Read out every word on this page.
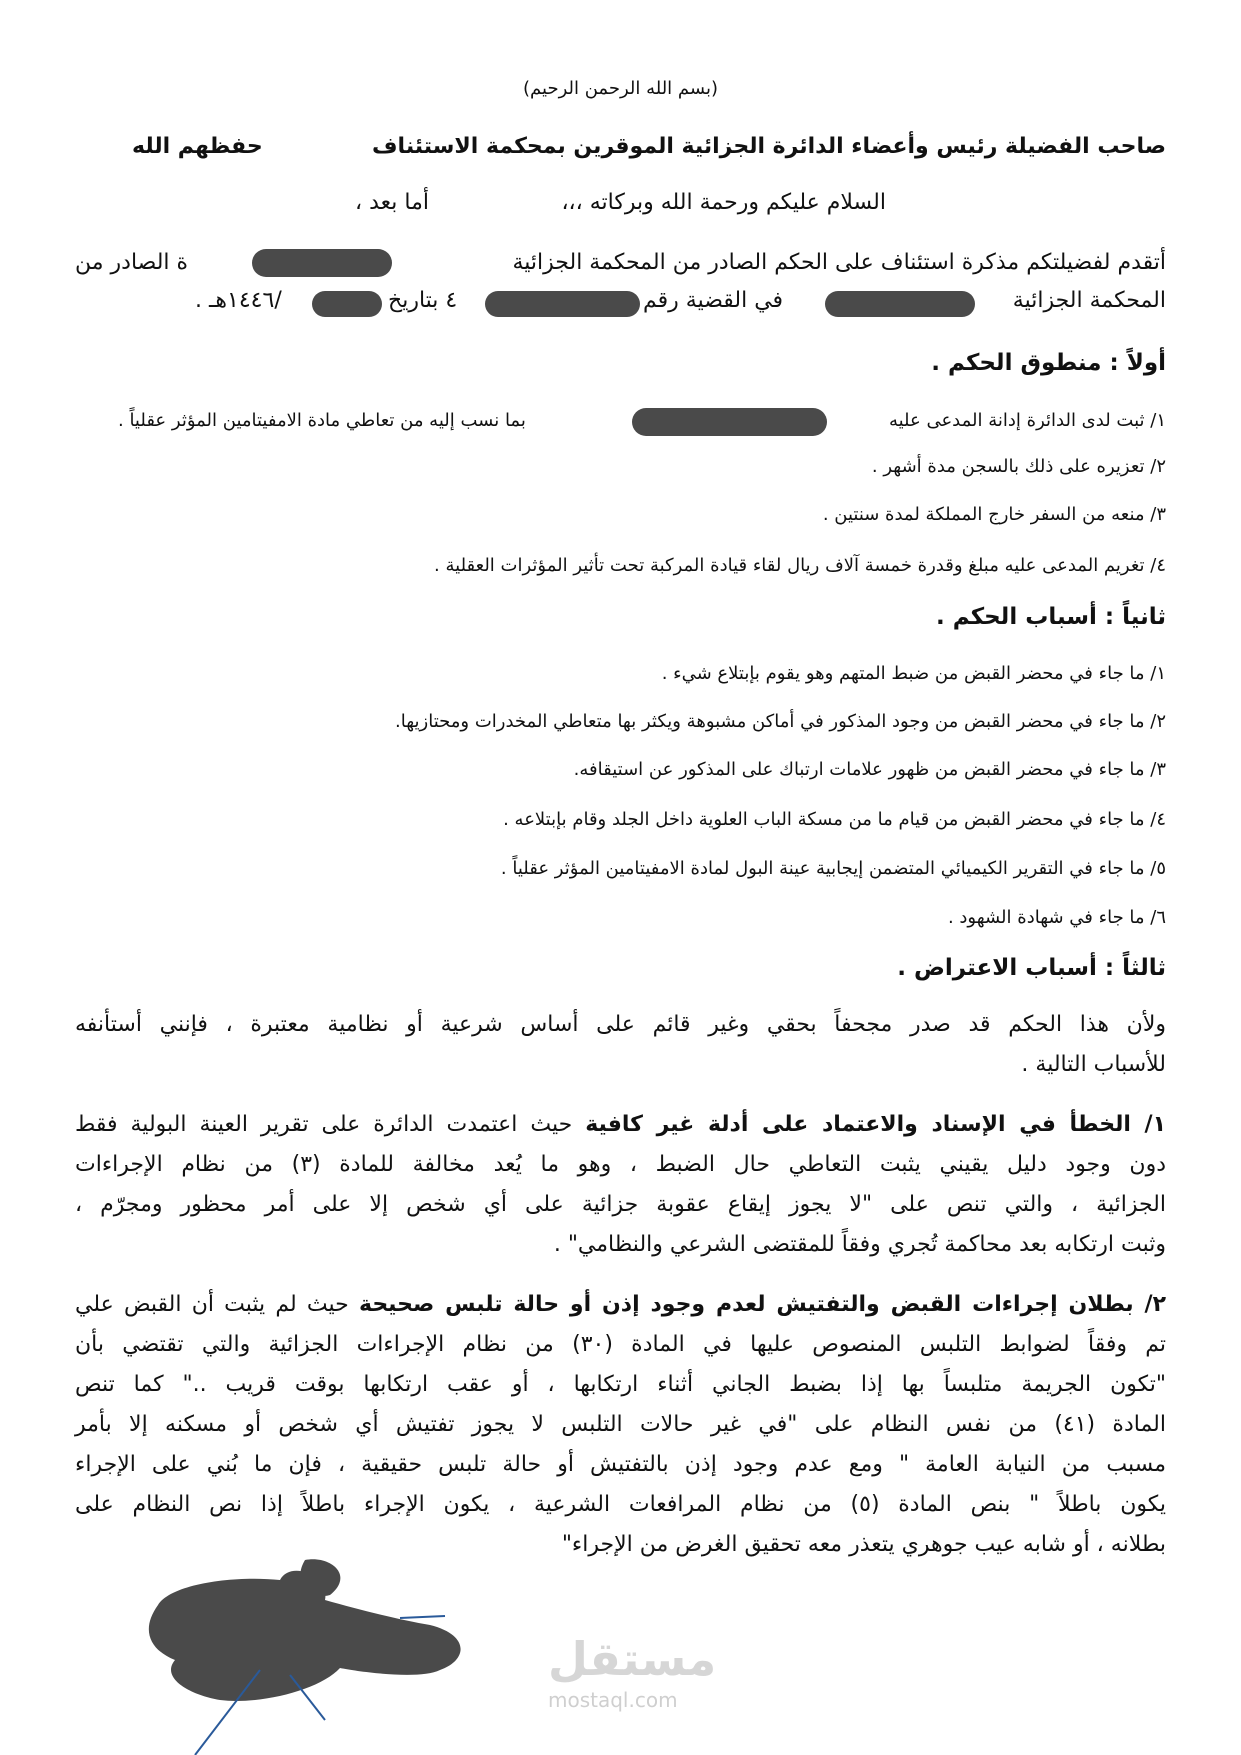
(بسم الله الرحمن الرحيم)
صاحب الفضيلة رئيس وأعضاء الدائرة الجزائية الموقرين بمحكمة الاستئناف
حفظهم الله
السلام عليكم ورحمة الله وبركاته ،،،
أما بعد ،
أتقدم لفضيلتكم مذكرة استئناف على الحكم الصادر من المحكمة الجزائية
ة الصادر من
المحكمة الجزائية
في القضية رقم
٤ بتاريخ
/١٤٤٦هـ .
أولاً : منطوق الحكم .
١/ ثبت لدى الدائرة إدانة المدعى عليه
بما نسب إليه من تعاطي مادة الامفيتامين المؤثر عقلياً .
٢/ تعزيره على ذلك بالسجن مدة أشهر .
٣/ منعه من السفر خارج المملكة لمدة سنتين .
٤/ تغريم المدعى عليه مبلغ وقدرة خمسة آلاف ريال لقاء قيادة المركبة تحت تأثير المؤثرات العقلية .
ثانياً : أسباب الحكم .
١/ ما جاء في محضر القبض من ضبط المتهم وهو يقوم بإبتلاع شيء .
٢/ ما جاء في محضر القبض من وجود المذكور في أماكن مشبوهة ويكثر بها متعاطي المخدرات ومحتازيها.
٣/ ما جاء في محضر القبض من ظهور علامات ارتباك على المذكور عن استيقافه.
٤/ ما جاء في محضر القبض من قيام ما من مسكة الباب العلوية داخل الجلد وقام بإبتلاعه .
٥/ ما جاء في التقرير الكيميائي المتضمن إيجابية عينة البول لمادة الامفيتامين المؤثر عقلياً .
٦/ ما جاء في شهادة الشهود .
ثالثاً : أسباب الاعتراض .
ولأن هذا الحكم قد صدر مجحفاً بحقي وغير قائم على أساس شرعية أو نظامية معتبرة ، فإنني أستأنفه
للأسباب التالية .
١/ الخطأ في الإسناد والاعتماد على أدلة غير كافية حيث اعتمدت الدائرة على تقرير العينة البولية فقط
دون وجود دليل يقيني يثبت التعاطي حال الضبط ، وهو ما يُعد مخالفة للمادة (٣) من نظام الإجراءات
الجزائية ، والتي تنص على "لا يجوز إيقاع عقوبة جزائية على أي شخص إلا على أمر محظور ومجرّم ،
وثبت ارتكابه بعد محاكمة تُجري وفقاً للمقتضى الشرعي والنظامي" .
٢/ بطلان إجراءات القبض والتفتيش لعدم وجود إذن أو حالة تلبس صحيحة حيث لم يثبت أن القبض علي
تم وفقاً لضوابط التلبس المنصوص عليها في المادة (٣٠) من نظام الإجراءات الجزائية والتي تقتضي بأن
"تكون الجريمة متلبساً بها إذا بضبط الجاني أثناء ارتكابها ، أو عقب ارتكابها بوقت قريب .." كما تنص
المادة (٤١) من نفس النظام على "في غير حالات التلبس لا يجوز تفتيش أي شخص أو مسكنه إلا بأمر
مسبب من النيابة العامة " ومع عدم وجود إذن بالتفتيش أو حالة تلبس حقيقية ، فإن ما بُني على الإجراء
يكون باطلاً " بنص المادة (٥) من نظام المرافعات الشرعية ، يكون الإجراء باطلاً إذا نص النظام على
بطلانه ، أو شابه عيب جوهري يتعذر معه تحقيق الغرض من الإجراء"
مستقل
mostaql.com
